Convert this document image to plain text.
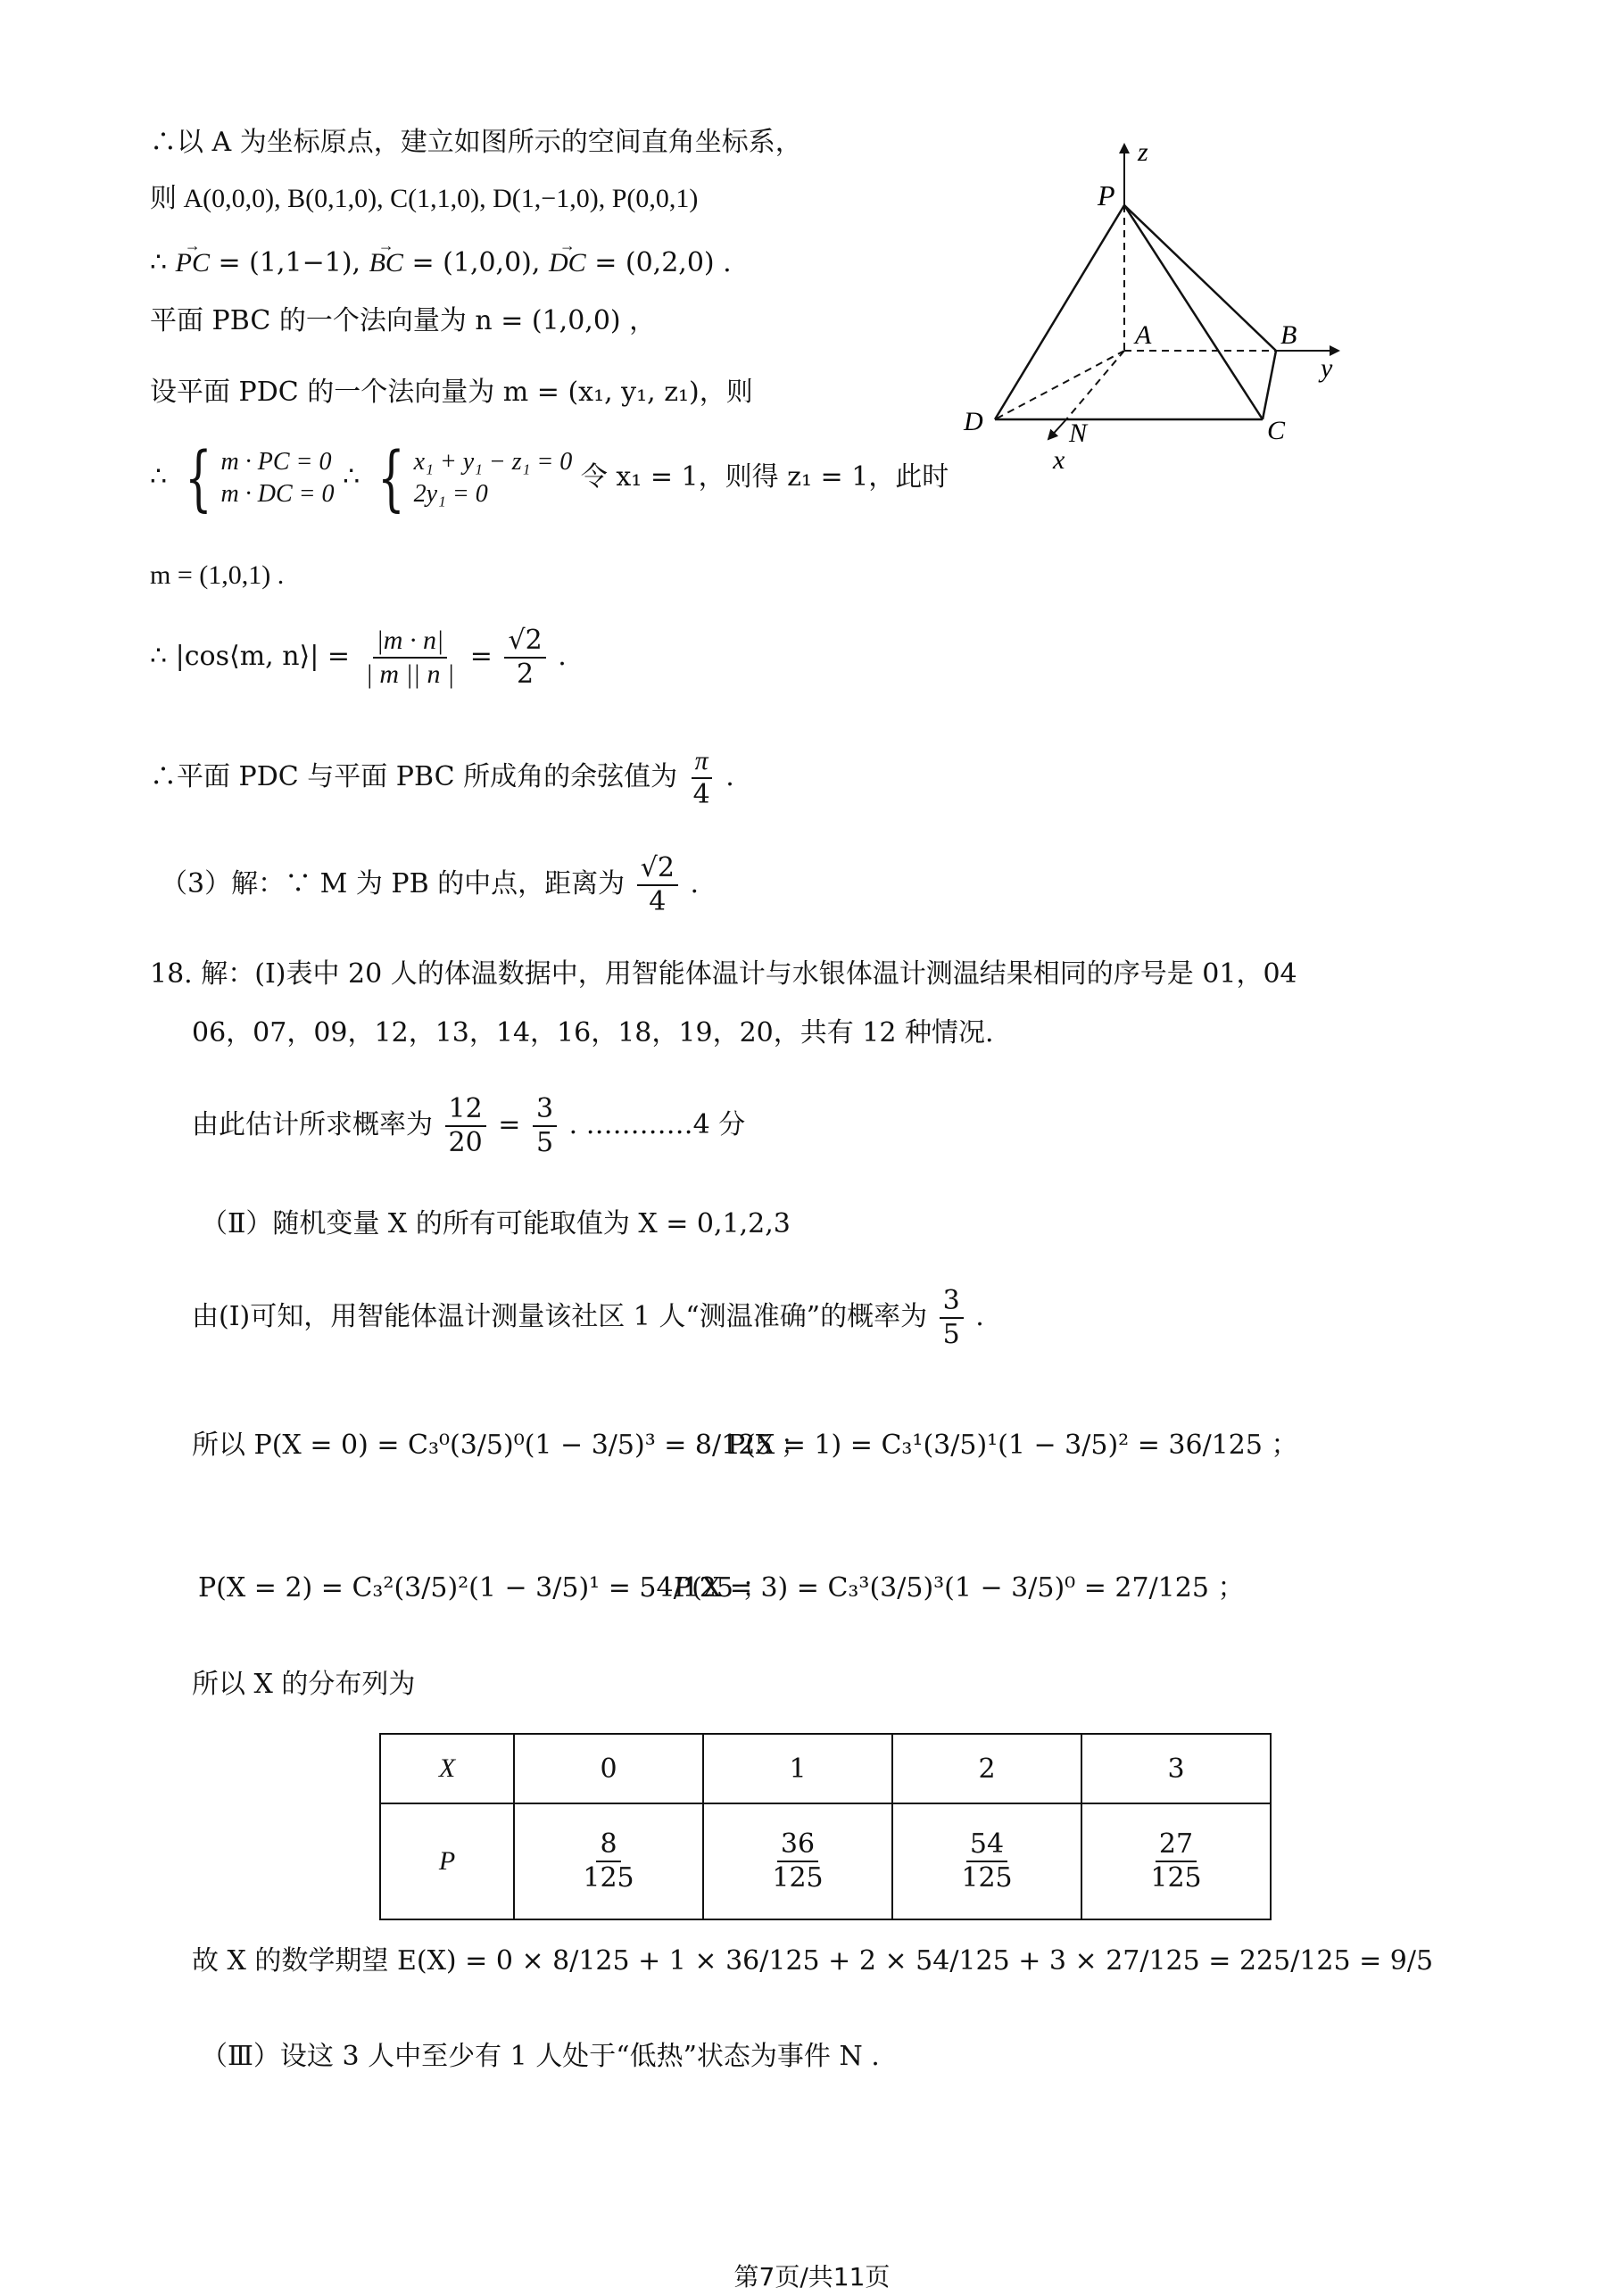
∴以 A 为坐标原点，建立如图所示的空间直角坐标系，
则 A(0,0,0), B(0,1,0), C(1,1,0), D(1,−1,0), P(0,0,1)
∴ → PC = (1,1−1), → BC = (1,0,0), → DC = (0,2,0) .
平面 PBC 的一个法向量为 n = (1,0,0) ，
设平面 PDC 的一个法向量为 m = (x₁, y₁, z₁)，则
∴ { m · PC = 0
m · DC = 0
∴ { x₁ + y₁ − z₁ = 0
2y₁ = 0
令 x₁ = 1，则得 z₁ = 1，此时
m = (1,0,1) .
∴ |cos⟨m, n⟩| = $\frac{|m \cdot n|}{| m || n |} = \frac{√2}{2}$ .
∴平面 PDC 与平面 PBC 所成角的余弦值为 $\frac{\pi}{4}$ .
（3）解：∵ M 为 PB 的中点，距离为 $\frac{√2}{4}$ .
18. 解：(Ⅰ)表中 20 人的体温数据中，用智能体温计与水银体温计测温结果相同的序号是 01，04
06，07，09，12，13，14，16，18，19，20，共有 12 种情况.
由此估计所求概率为 $\frac{12}{20} = \frac{3}{5}$ . …………4 分
（Ⅱ）随机变量 X 的所有可能取值为 X = 0,1,2,3
由(Ⅰ)可知，用智能体温计测量该社区 1 人“测温准确”的概率为 $\frac{3}{5}$ .
所以 P(X = 0) = C₃⁰(3/5)⁰(1 − 3/5)³ = 8/125 ；
P(X = 1) = C₃¹(3/5)¹(1 − 3/5)² = 36/125 ；
P(X = 2) = C₃²(3/5)²(1 − 3/5)¹ = 54/125 ；
P(X = 3) = C₃³(3/5)³(1 − 3/5)⁰ = 27/125 ；
所以 X 的分布列为
X	0	1	2	3
P	$\frac{8}{125}$	$\frac{36}{125}$	$\frac{54}{125}$	$\frac{27}{125}$
故 X 的数学期望 E(X) = 0 × 8/125 + 1 × 36/125 + 2 × 54/125 + 3 × 27/125 = 225/125 = 9/5
（Ⅲ）设这 3 人中至少有 1 人处于“低热”状态为事件 N .
z
P
A	B
y
D	C
N
x
第7页/共11页
